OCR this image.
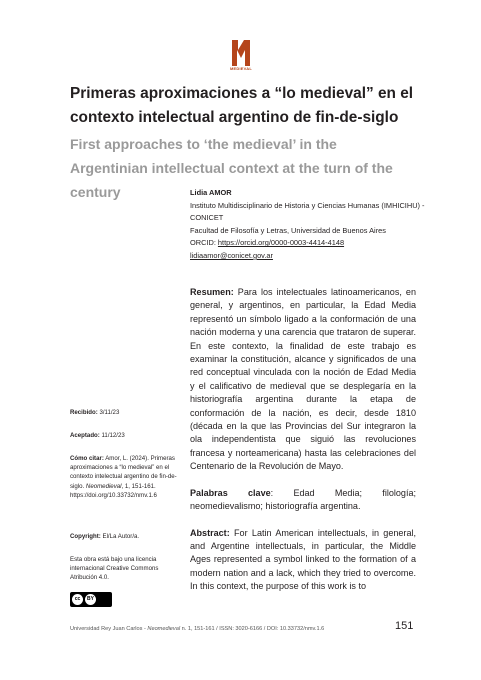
MEDIEVAL
Primeras aproximaciones a “lo medieval” en el contexto intelectual argentino de fin-de-siglo
First approaches to ‘the medieval’ in the Argentinian intellectual context at the turn of the century	Lidia AMOR
Instituto Multidisciplinario de Historia y Ciencias Humanas (IMHICIHU) - CONICET
Facultad de Filosofía y Letras, Universidad de Buenos Aires
ORCID: https://orcid.org/0000-0003-4414-4148
lidiaamor@conicet.gov.ar

Resumen: Para los intelectuales latinoamericanos, en general, y argentinos, en particular, la Edad Media representó un símbolo ligado a la conformación de una nación moderna y una carencia que trataron de superar. En este contexto, la finalidad de este trabajo es examinar la constitución, alcance y significados de una red conceptual vinculada con la noción de Edad Media y el calificativo de medieval que se desplegaría en la historiografía argentina durante la etapa de conformación de la nación, es decir, desde 1810 (década en la que las Provincias del Sur integraron la ola independentista que siguió las revoluciones francesa y norteamericana) hasta las celebraciones del Centenario de la Revolución de Mayo.

Palabras clave: Edad Media; filología; neomedievalismo; historiografía argentina.

Abstract: For Latin American intellectuals, in general, and Argentine intellectuals, in particular, the Middle Ages represented a symbol linked to the formation of a modern nation and a lack, which they tried to overcome. In this context, the purpose of this work is to

Recibido: 3/11/23
Aceptado: 11/12/23
Cómo citar: Amor, L. (2024). Primeras aproximaciones a “lo medieval” en el contexto intelectual argentino de fin-de-siglo. Neomedieval, 1, 151-161. https://doi.org/10.33732/nmv.1.6
Copyright: El/La Autor/a.
Esta obra está bajo una licencia internacional Creative Commons Atribución 4.0.
cc	BY
Universidad Rey Juan Carlos - Neomedieval n. 1, 151-161 / ISSN: 3020-6166 / DOI: 10.33732/nmv.1.6	151
